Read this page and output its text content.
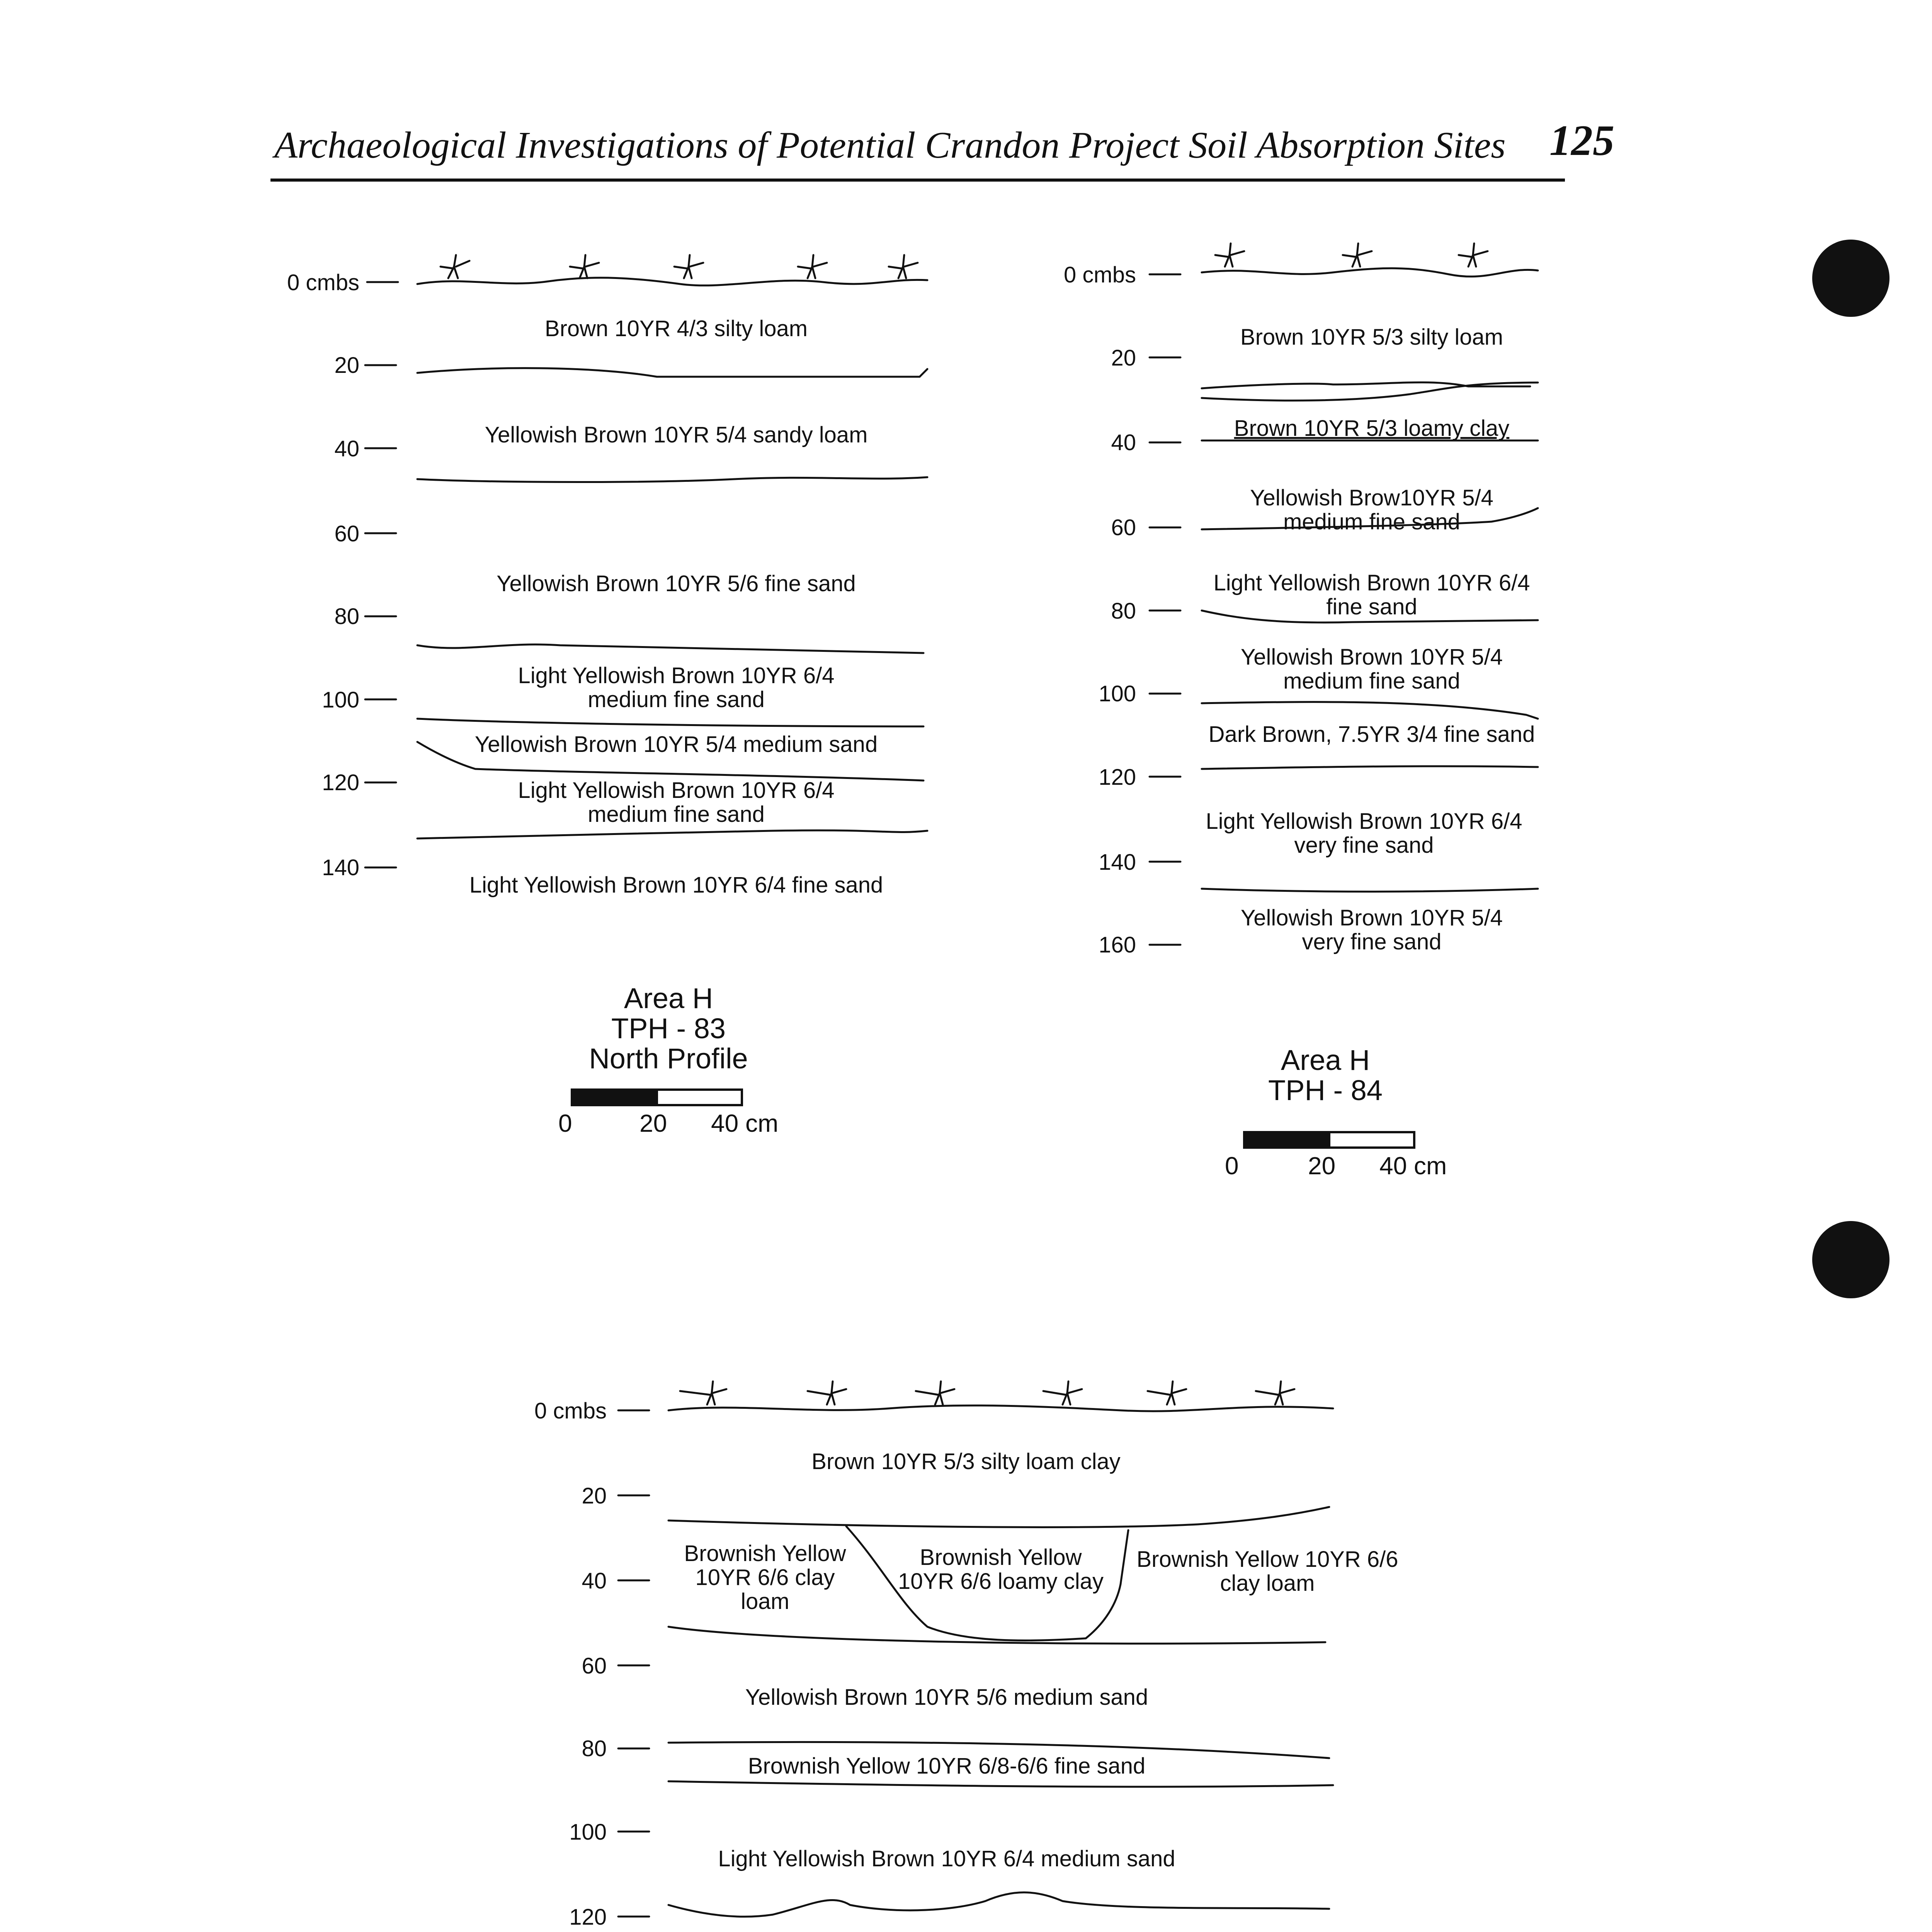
Archaeological Investigations of Potential Crandon Project Soil Absorption Sites 125
0 cmbs
20
40
60
80
100
120
140
Brown 10YR 4/3 silty loam
Yellowish Brown 10YR 5/4 sandy loam
Yellowish Brown 10YR 5/6 fine sand
Light Yellowish Brown 10YR 6/4
medium fine sand
Yellowish Brown 10YR 5/4 medium sand
Light Yellowish Brown 10YR 6/4
medium fine sand
Light Yellowish Brown 10YR 6/4 fine sand
Area H
TPH - 83
North Profile
0	20 40 cm
0 cmbs
20
40
60
80
100
120
140
160
Brown 10YR 5/3 silty loam
Brown 10YR 5/3 loamy clay
Yellowish Brow10YR 5/4
medium fine sand
Light Yellowish Brown 10YR 6/4
fine sand
Yellowish Brown 10YR 5/4
medium fine sand
Dark Brown, 7.5YR 3/4 fine sand
Light Yellowish Brown 10YR 6/4
very fine sand
Yellowish Brown 10YR 5/4
very fine sand
Area H
TPH - 84
0	20 40 cm
0 cmbs
20
40
60
80
100
120
Brown 10YR 5/3 silty loam clay
Brownish Yellow
10YR 6/6 clay
loam
Brownish Yellow
10YR 6/6 loamy clay
Brownish Yellow 10YR 6/6
clay loam
Yellowish Brown 10YR 5/6 medium sand
Brownish Yellow 10YR 6/8-6/6 fine sand
Light Yellowish Brown 10YR 6/4 medium sand
